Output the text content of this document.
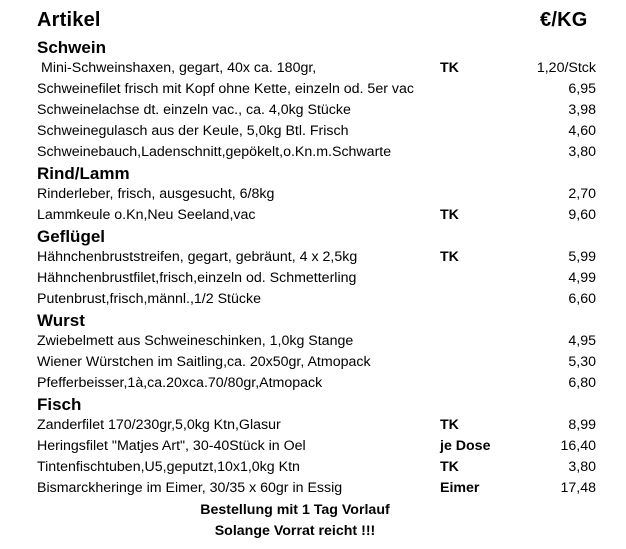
Artikel	€/KG
Schwein
Mini-Schweinshaxen, gegart, 40x ca. 180gr,	TK	1,20/Stck
Schweinefilet frisch mit Kopf ohne Kette, einzeln od. 5er vac	6,95
Schweinelachse dt. einzeln vac., ca. 4,0kg Stücke	3,98
Schweinegulasch aus der Keule, 5,0kg Btl. Frisch	4,60
Schweinebauch,Ladenschnitt,gepökelt,o.Kn.m.Schwarte	3,80
Rind/Lamm
Rinderleber, frisch, ausgesucht, 6/8kg	2,70
Lammkeule o.Kn,Neu Seeland,vac	TK	9,60
Geflügel
Hähnchenbruststreifen, gegart, gebräunt, 4 x 2,5kg	TK	5,99
Hähnchenbrustfilet,frisch,einzeln od. Schmetterling	4,99
Putenbrust,frisch,männl.,1/2 Stücke	6,60
Wurst
Zwiebelmett aus Schweineschinken, 1,0kg Stange	4,95
Wiener Würstchen im Saitling,ca. 20x50gr, Atmopack	5,30
Pfefferbeisser,1à,ca.20xca.70/80gr,Atmopack	6,80
Fisch
Zanderfilet 170/230gr,5,0kg Ktn,Glasur	TK	8,99
Heringsfilet "Matjes Art", 30-40Stück in Oel	je Dose	16,40
Tintenfischtuben,U5,geputzt,10x1,0kg Ktn	TK	3,80
Bismarckheringe im Eimer, 30/35 x 60gr in Essig	Eimer	17,48
Bestellung mit 1 Tag Vorlauf
Solange Vorrat reicht !!!
